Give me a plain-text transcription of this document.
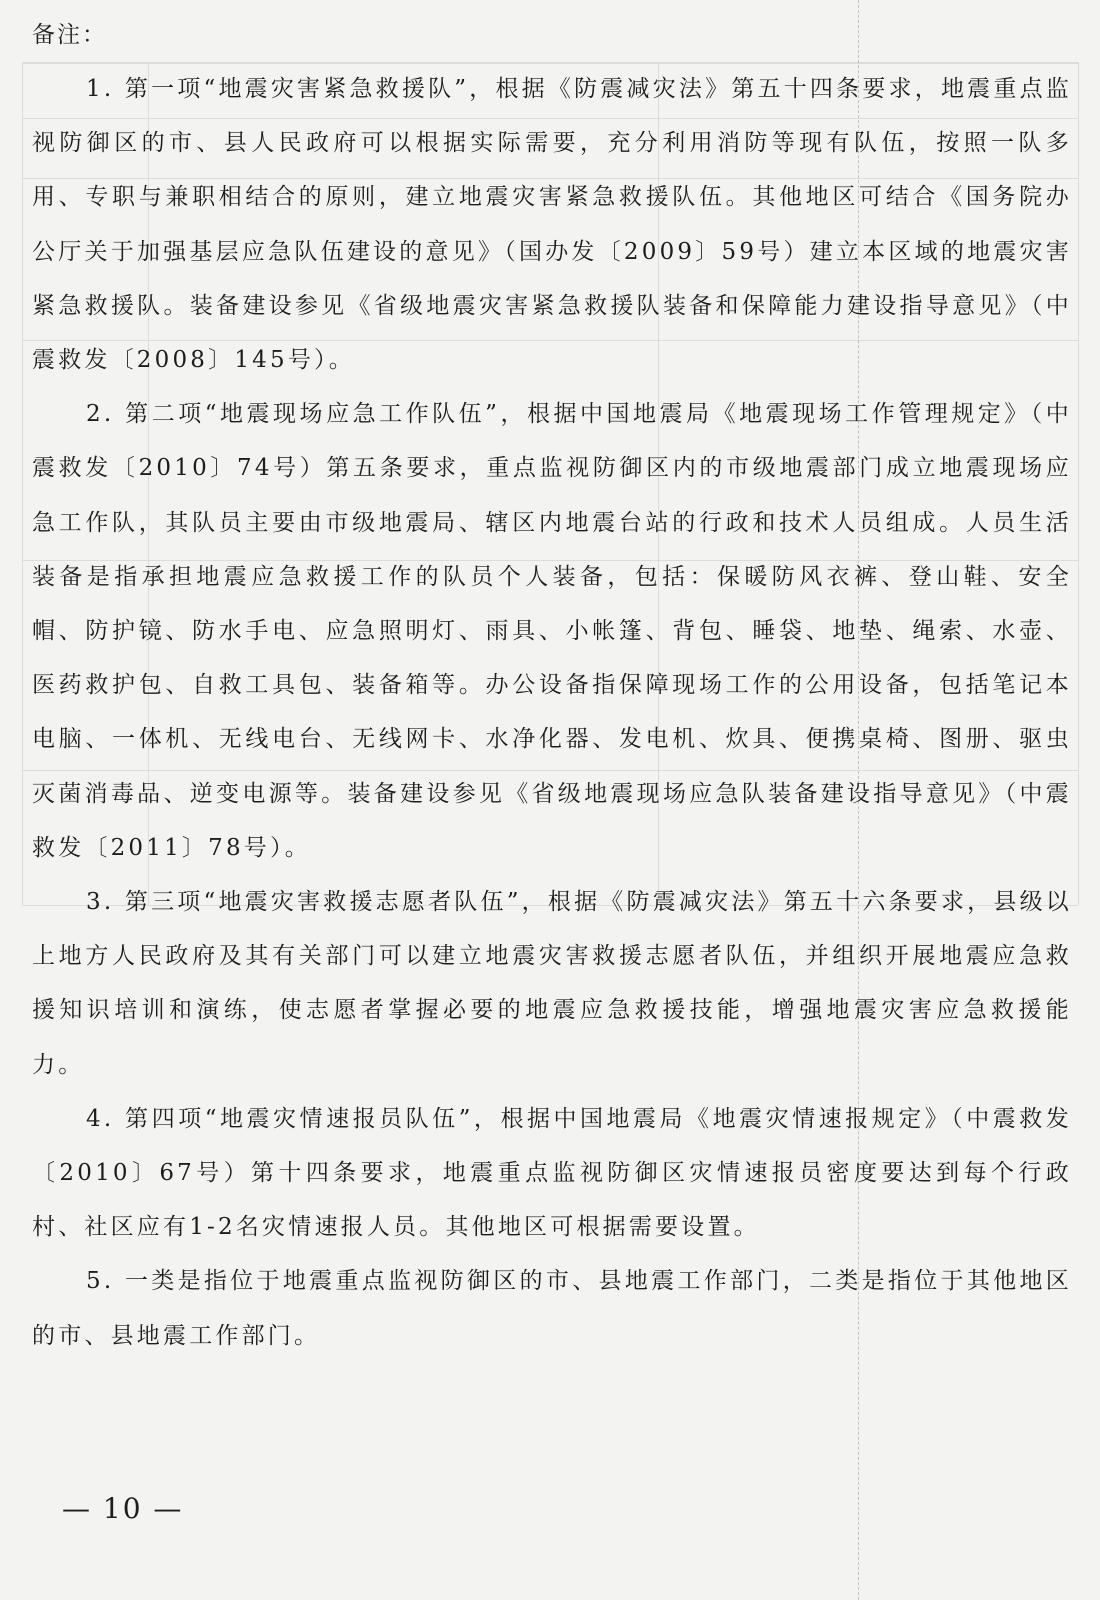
备注：

1. 第一项“地震灾害紧急救援队”，根据《防震减灾法》第五十四条要求，地震重点监视防御区的市、县人民政府可以根据实际需要，充分利用消防等现有队伍，按照一队多用、专职与兼职相结合的原则，建立地震灾害紧急救援队伍。其他地区可结合《国务院办公厅关于加强基层应急队伍建设的意见》（国办发〔2009〕59号）建立本区域的地震灾害紧急救援队。装备建设参见《省级地震灾害紧急救援队装备和保障能力建设指导意见》（中震救发〔2008〕145号）。

2. 第二项“地震现场应急工作队伍”，根据中国地震局《地震现场工作管理规定》（中震救发〔2010〕74号）第五条要求，重点监视防御区内的市级地震部门成立地震现场应急工作队，其队员主要由市级地震局、辖区内地震台站的行政和技术人员组成。人员生活装备是指承担地震应急救援工作的队员个人装备，包括：保暖防风衣裤、登山鞋、安全帽、防护镜、防水手电、应急照明灯、雨具、小帐篷、背包、睡袋、地垫、绳索、水壶、医药救护包、自救工具包、装备箱等。办公设备指保障现场工作的公用设备，包括笔记本电脑、一体机、无线电台、无线网卡、水净化器、发电机、炊具、便携桌椅、图册、驱虫灭菌消毒品、逆变电源等。装备建设参见《省级地震现场应急队装备建设指导意见》（中震救发〔2011〕78号）。

3. 第三项“地震灾害救援志愿者队伍”，根据《防震减灾法》第五十六条要求，县级以上地方人民政府及其有关部门可以建立地震灾害救援志愿者队伍，并组织开展地震应急救援知识培训和演练，使志愿者掌握必要的地震应急救援技能，增强地震灾害应急救援能力。

4. 第四项“地震灾情速报员队伍”，根据中国地震局《地震灾情速报规定》（中震救发〔2010〕67号）第十四条要求，地震重点监视防御区灾情速报员密度要达到每个行政村、社区应有1-2名灾情速报人员。其他地区可根据需要设置。

5. 一类是指位于地震重点监视防御区的市、县地震工作部门，二类是指位于其他地区的市、县地震工作部门。

— 10 —
